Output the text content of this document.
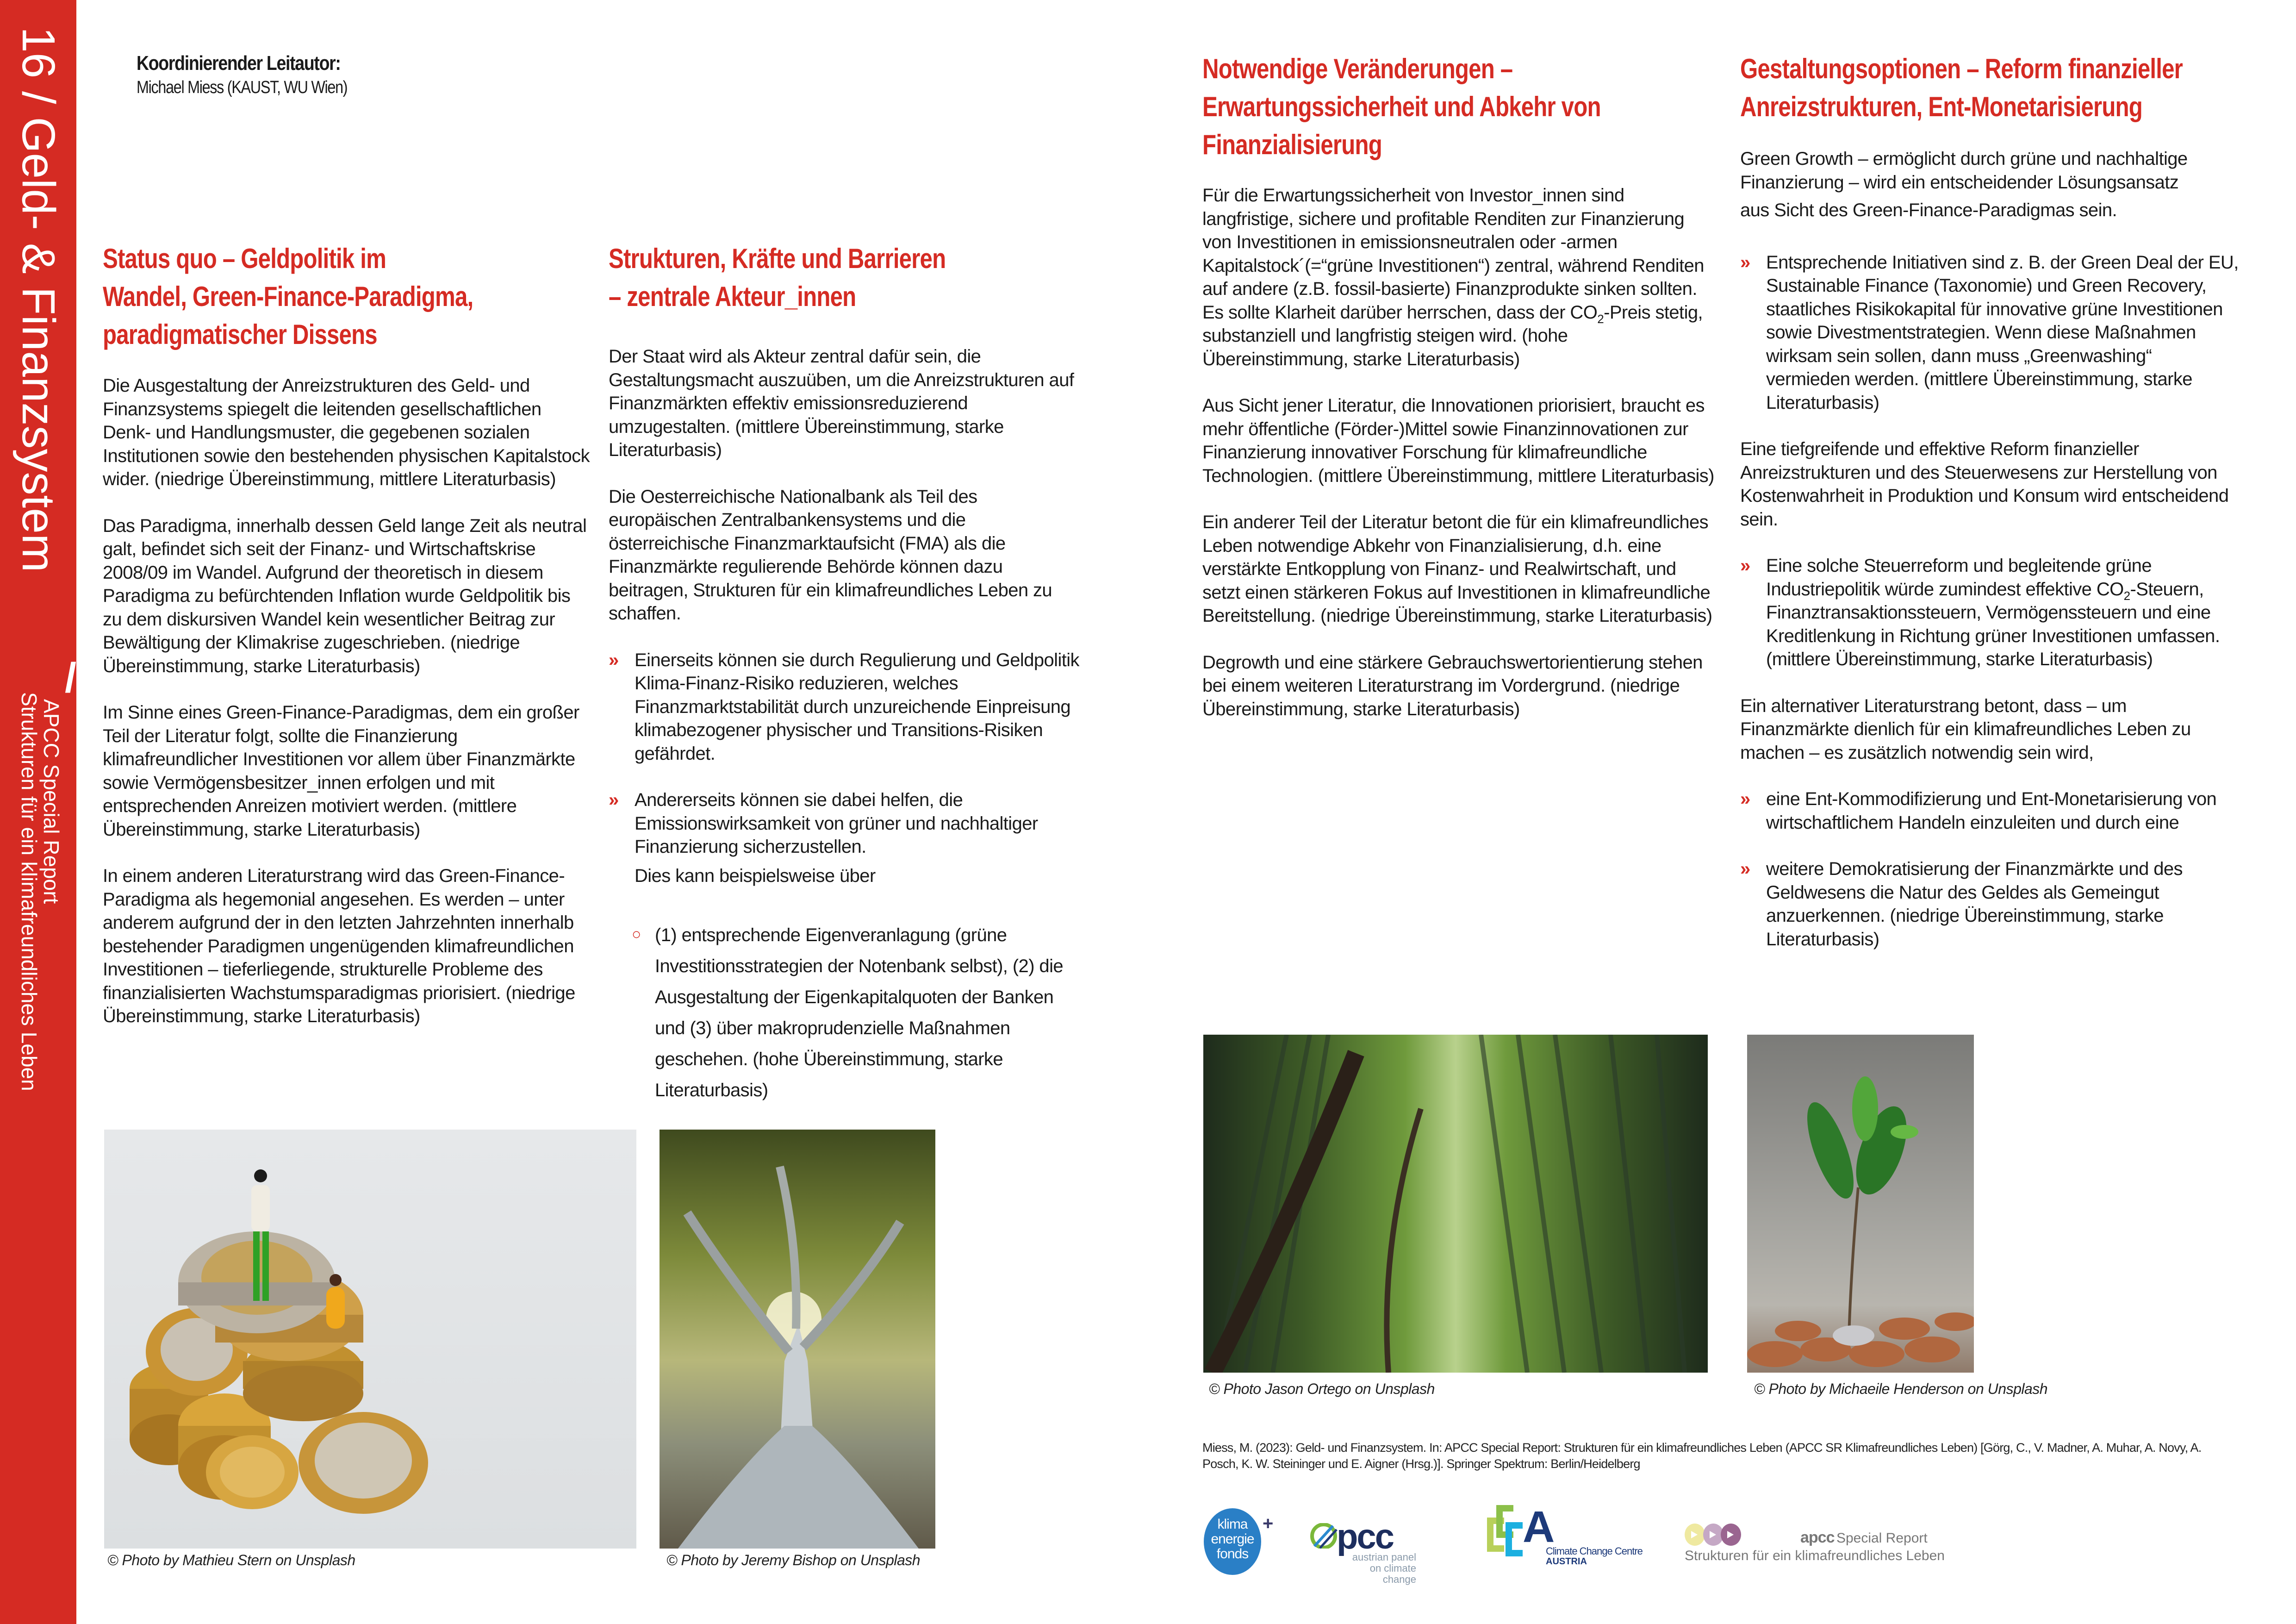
16 / Geld- & Finanzsystem
/
APCC Special Report
Strukturen für ein klimafreundliches Leben
Koordinierender Leitautor:
Michael Miess (KAUST, WU Wien)
Status quo – Geldpolitik im
Wandel, Green-Finance-Paradigma,
paradigmatischer Dissens

Die Ausgestaltung der Anreizstrukturen des Geld- und Finanzsystems spiegelt die leitenden gesellschaftlichen Denk- und Handlungsmuster, die gegebenen sozialen Institutionen sowie den bestehenden physischen Kapitalstock wider. (niedrige Übereinstimmung, mittlere Literaturbasis)

Das Paradigma, innerhalb dessen Geld lange Zeit als neutral galt, befindet sich seit der Finanz- und Wirtschaftskrise 2008/09 im Wandel. Aufgrund der theoretisch in diesem Paradigma zu befürchtenden Inflation wurde Geldpolitik bis zu dem diskursiven Wandel kein wesentlicher Beitrag zur Bewältigung der Klimakrise zugeschrieben. (niedrige Übereinstimmung, starke Literaturbasis)

Im Sinne eines Green-Finance-Paradigmas, dem ein großer Teil der Literatur folgt, sollte die Finanzierung klimafreundlicher Investitionen vor allem über Finanzmärkte sowie Vermögensbesitzer_innen erfolgen und mit entsprechenden Anreizen motiviert werden. (mittlere Übereinstimmung, starke Literaturbasis)

In einem anderen Literaturstrang wird das Green-Finance-Paradigma als hegemonial angesehen. Es werden – unter anderem aufgrund der in den letzten Jahrzehnten innerhalb bestehender Paradigmen ungenügenden klimafreundlichen Investitionen – tieferliegende, strukturelle Probleme des finanzialisierten Wachstumsparadigmas priorisiert. (niedrige Übereinstimmung, starke Literaturbasis)

Strukturen, Kräfte und Barrieren
– zentrale Akteur_innen

Der Staat wird als Akteur zentral dafür sein, die Gestaltungsmacht auszuüben, um die Anreizstrukturen auf Finanzmärkten effektiv emissionsreduzierend umzugestalten. (mittlere Übereinstimmung, starke Literaturbasis)

Die Oesterreichische Nationalbank als Teil des europäischen Zentralbankensystems und die österreichische Finanzmarktaufsicht (FMA) als die Finanzmärkte regulierende Behörde können dazu beitragen, Strukturen für ein klimafreundliches Leben zu schaffen.

» Einerseits können sie durch Regulierung und Geldpolitik Klima-Finanz-Risiko reduzieren, welches Finanzmarktstabilität durch unzureichende Einpreisung klimabezogener physischer und Transitions-Risiken gefährdet.
» Andererseits können sie dabei helfen, die Emissionswirksamkeit von grüner und nachhaltiger Finanzierung sicherzustellen.
Dies kann beispielsweise über
○ (1) entsprechende Eigenveranlagung (grüne Investitionsstrategien der Notenbank selbst), (2) die Ausgestaltung der Eigenkapitalquoten der Banken und (3) über makroprudenzielle Maßnahmen geschehen. (hohe Übereinstimmung, starke Literaturbasis)
Notwendige Veränderungen –
Erwartungssicherheit und Abkehr von
Finanzialisierung

Für die Erwartungssicherheit von Investor_innen sind langfristige, sichere und profitable Renditen zur Finanzierung von Investitionen in emissionsneutralen oder -armen Kapitalstock´(=“grüne Investitionen“) zentral, während Renditen auf andere (z.B. fossil-basierte) Finanzprodukte sinken sollten. Es sollte Klarheit darüber herrschen, dass der $CO_2$-Preis stetig, substanziell und langfristig steigen wird. (hohe Übereinstimmung, starke Literaturbasis)

Aus Sicht jener Literatur, die Innovationen priorisiert, braucht es mehr öffentliche (Förder-)Mittel sowie Finanzinnovationen zur Finanzierung innovativer Forschung für klimafreundliche Technologien. (mittlere Übereinstimmung, mittlere Literaturbasis)

Ein anderer Teil der Literatur betont die für ein klimafreundliches Leben notwendige Abkehr von Finanzialisierung, d.h. eine verstärkte Entkopplung von Finanz- und Realwirtschaft, und setzt einen stärkeren Fokus auf Investitionen in klimafreundliche Bereitstellung. (niedrige Übereinstimmung, starke Literaturbasis)

Degrowth und eine stärkere Gebrauchswertorientierung stehen bei einem weiteren Literaturstrang im Vordergrund. (niedrige Übereinstimmung, starke Literaturbasis)

Gestaltungsoptionen – Reform finanzieller
Anreizstrukturen, Ent-Monetarisierung

Green Growth – ermöglicht durch grüne und nachhaltige Finanzierung – wird ein entscheidender Lösungsansatz

aus Sicht des Green-Finance-Paradigmas sein.

» Entsprechende Initiativen sind z. B. der Green Deal der EU, Sustainable Finance (Taxonomie) und Green Recovery, staatliches Risikokapital für innovative grüne Investitionen sowie Divestmentstrategien. Wenn diese Maßnahmen wirksam sein sollen, dann muss „Greenwashing“ vermieden werden. (mittlere Übereinstimmung, starke Literaturbasis)

Eine tiefgreifende und effektive Reform finanzieller Anreizstrukturen und des Steuerwesens zur Herstellung von Kostenwahrheit in Produktion und Konsum wird entscheidend sein.

» Eine solche Steuerreform und begleitende grüne Industriepolitik würde zumindest effektive $CO_2$-Steuern, Finanztransaktionssteuern, Vermögenssteuern und eine Kreditlenkung in Richtung grüner Investitionen umfassen. (mittlere Übereinstimmung, starke Literaturbasis)

Ein alternativer Literaturstrang betont, dass – um Finanzmärkte dienlich für ein klimafreundliches Leben zu machen – es zusätzlich notwendig sein wird,

» eine Ent-Kommodifizierung und Ent-Monetarisierung von wirtschaftlichem Handeln einzuleiten und durch eine
» weitere Demokratisierung der Finanzmärkte und des Geldwesens die Natur des Geldes als Gemeingut anzuerkennen. (niedrige Übereinstimmung, starke Literaturbasis)
© Photo by Mathieu Stern on Unsplash	© Photo by Jeremy Bishop on Unsplash
© Photo Jason Ortego on Unsplash	© Photo by Michaeile Henderson on Unsplash
Miess, M. (2023): Geld- und Finanzsystem. In: APCC Special Report: Strukturen für ein klimafreundliches Leben (APCC SR Klimafreundliches Leben) [Görg, C., V. Madner, A. Muhar, A. Novy, A. Posch, K. W. Steininger und E. Aigner (Hrsg.)]. Springer Spektrum: Berlin/Heidelberg
klima
energie
fonds
+ pcc
austrian panel
on climate change
A
Climate Change Centre
AUSTRIA
apcc Special Report
Strukturen für ein klimafreundliches Leben
